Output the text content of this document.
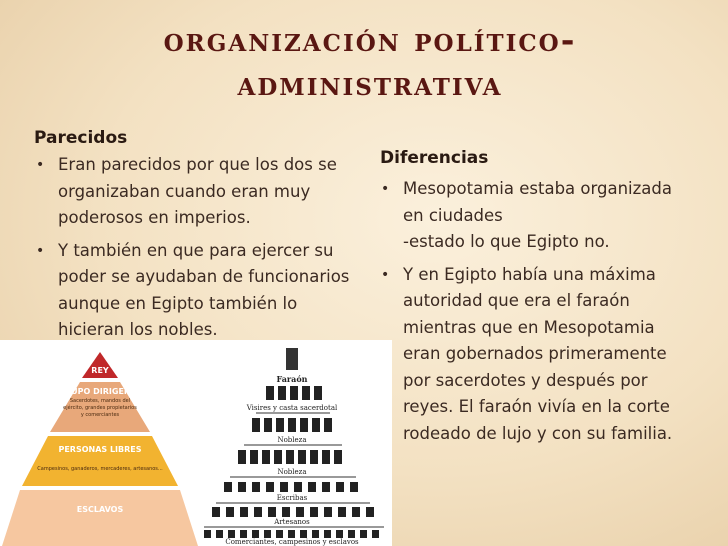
organización político-administrativa
Parecidos
• Eran parecidos por que los dos se organizaban cuando eran muy poderosos en imperios.
• Y también en que para ejercer su poder se ayudaban de funcionarios aunque en Egipto también lo hicieran los nobles.
Diferencias
• Mesopotamia estaba organizada en ciudades
-estado lo que Egipto no.
• Y en Egipto había una máxima autoridad que era el faraón mientras que en Mesopotamia eran gobernados primeramente por sacerdotes y después por reyes. El faraón vivía en la corte rodeado de lujo y con su familia.
REY
GRUPO DIRIGENTE
Sacerdotes, mandos del ejército, grandes propietarios y comerciantes
PERSONAS LIBRES
Campesinos, ganaderos, mercaderes, artesanos...
ESCLAVOS
Faraón
Visires y casta sacerdotal
Nobleza
Nobleza
Escribas
Artesanos
Comerciantes, campesinos y esclavos
